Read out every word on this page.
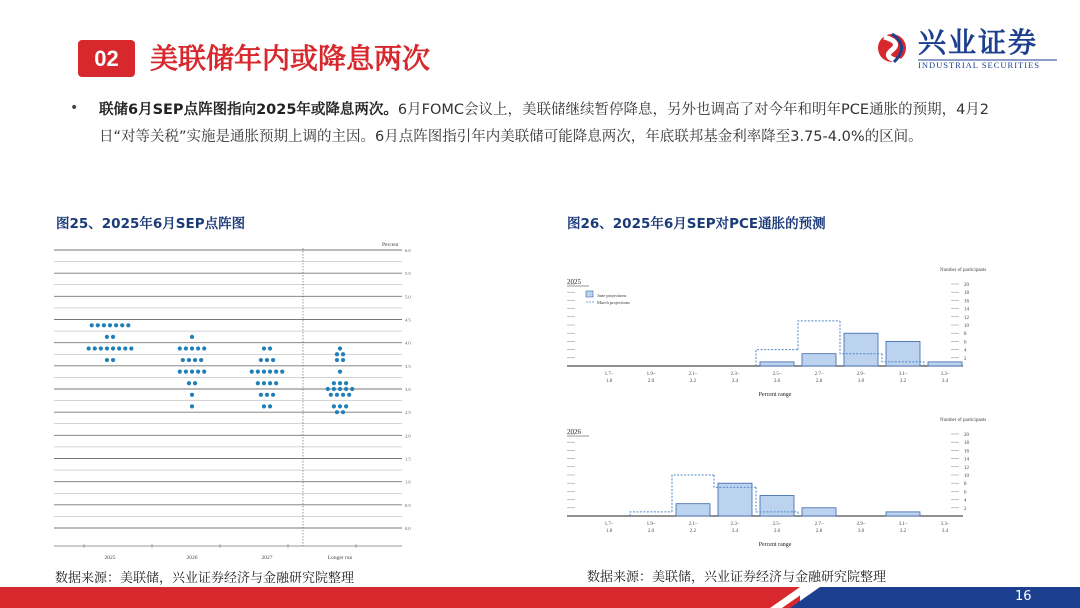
02	美联储年内或降息两次	兴业证券
INDUSTRIAL SECURITIES
• 联储6月SEP点阵图指向2025年或降息两次。6月FOMC会议上，美联储继续暂停降息，另外也调高了对今年和明年PCE通胀的预期，4月2日“对等关税”实施是通胀预期上调的主因。6月点阵图指引年内美联储可能降息两次，年底联邦基金利率降至3.75-4.0%的区间。
图25、2025年6月SEP点阵图	图26、2025年6月SEP对PCE通胀的预测
0.0
0.5
1.0
1.5
2.0
2.5
3.0
3.5
4.0
4.5
5.0
5.5
6.0
Percent
2025	2026	2027	Longer run
Number of participants
2025
2
4
6
8
10
12
14
16
18
20
1.7–
1.8
1.9–
2.0
2.1–
2.2
2.3–
2.4
2.5–
2.6
2.7–
2.8
2.9–
3.0
3.1–
3.2
3.3–
3.4
Percent range
June projections
March projections
Number of participants
2026
2
4
6
8
10
12
14
16
18
20
1.7–
1.8
1.9–
2.0
2.1–
2.2
2.3–
2.4
2.5–
2.6
2.7–
2.8
2.9–
3.0
3.1–
3.2
3.3–
3.4
Percent range
数据来源：美联储，兴业证券经济与金融研究院整理	数据来源：美联储，兴业证券经济与金融研究院整理
16
